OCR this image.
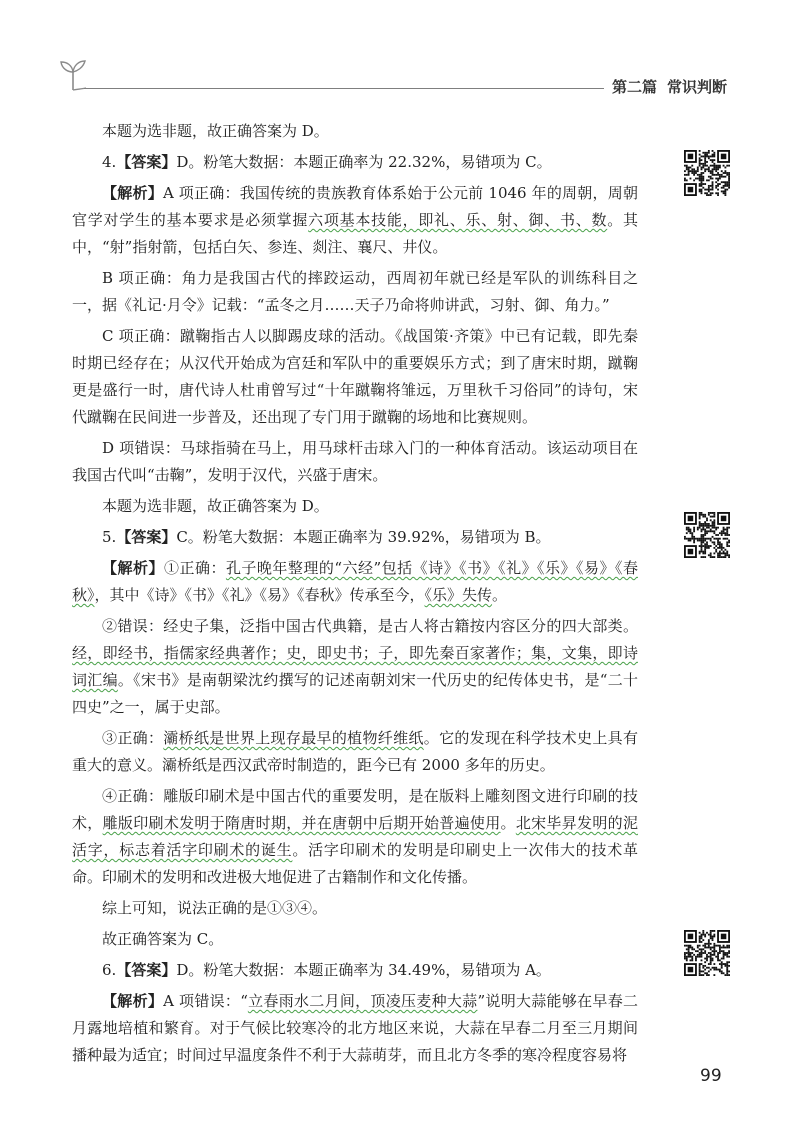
第二篇 常识判断

本题为选非题，故正确答案为 D。

4.【答案】D。粉笔大数据：本题正确率为 22.32%，易错项为 C。

【解析】A 项正确：我国传统的贵族教育体系始于公元前 1046 年的周朝，周朝官学对学生的基本要求是必须掌握六项基本技能，即礼、乐、射、御、书、数。其中，“射”指射箭，包括白矢、参连、剡注、襄尺、井仪。

B 项正确：角力是我国古代的摔跤运动，西周初年就已经是军队的训练科目之一，据《礼记·月令》记载：“孟冬之月……天子乃命将帅讲武，习射、御、角力。”

C 项正确：蹴鞠指古人以脚踢皮球的活动。《战国策·齐策》中已有记载，即先秦时期已经存在；从汉代开始成为宫廷和军队中的重要娱乐方式；到了唐宋时期，蹴鞠更是盛行一时，唐代诗人杜甫曾写过“十年蹴鞠将雏远，万里秋千习俗同”的诗句，宋代蹴鞠在民间进一步普及，还出现了专门用于蹴鞠的场地和比赛规则。

D 项错误：马球指骑在马上，用马球杆击球入门的一种体育活动。该运动项目在我国古代叫“击鞠”，发明于汉代，兴盛于唐宋。

本题为选非题，故正确答案为 D。

5.【答案】C。粉笔大数据：本题正确率为 39.92%，易错项为 B。

【解析】①正确：孔子晚年整理的“六经”包括《诗》《书》《礼》《乐》《易》《春秋》，其中《诗》《书》《礼》《易》《春秋》传承至今，《乐》失传。

②错误：经史子集，泛指中国古代典籍，是古人将古籍按内容区分的四大部类。经，即经书，指儒家经典著作；史，即史书；子，即先秦百家著作；集，文集，即诗词汇编。《宋书》是南朝梁沈约撰写的记述南朝刘宋一代历史的纪传体史书，是“二十四史”之一，属于史部。

③正确：灞桥纸是世界上现存最早的植物纤维纸。它的发现在科学技术史上具有重大的意义。灞桥纸是西汉武帝时制造的，距今已有 2000 多年的历史。

④正确：雕版印刷术是中国古代的重要发明，是在版料上雕刻图文进行印刷的技术，雕版印刷术发明于隋唐时期，并在唐朝中后期开始普遍使用。北宋毕昇发明的泥活字，标志着活字印刷术的诞生。活字印刷术的发明是印刷史上一次伟大的技术革命。印刷术的发明和改进极大地促进了古籍制作和文化传播。

综上可知，说法正确的是①③④。

故正确答案为 C。

6.【答案】D。粉笔大数据：本题正确率为 34.49%，易错项为 A。

【解析】A 项错误：“立春雨水二月间，顶凌压麦种大蒜”说明大蒜能够在早春二月露地培植和繁育。对于气候比较寒冷的北方地区来说，大蒜在早春二月至三月期间播种最为适宜；时间过早温度条件不利于大蒜萌芽，而且北方冬季的寒冷程度容易将

99
